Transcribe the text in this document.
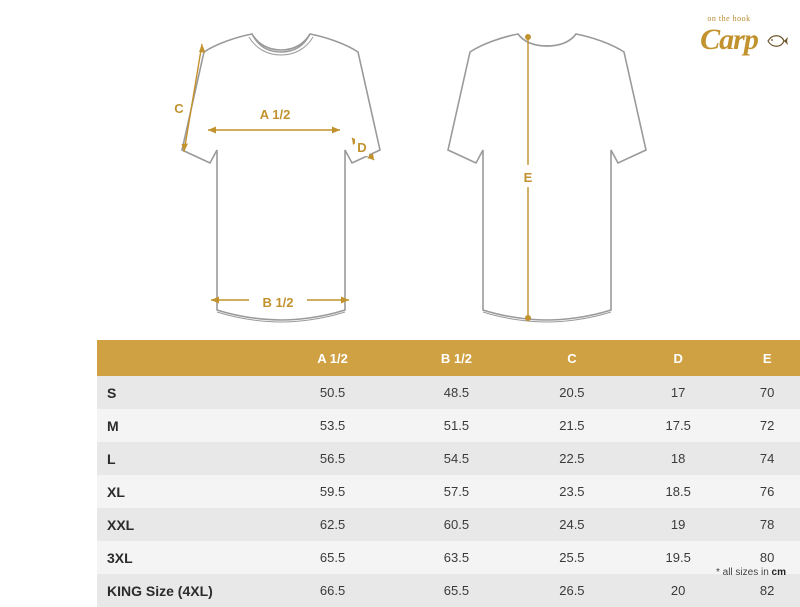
on the hook
Carp
C	A 1/2
D
B 1/2
E
	A 1/2	B 1/2	C	D	E
S	50.5	48.5	20.5	17	70
M	53.5	51.5	21.5	17.5	72
L	56.5	54.5	22.5	18	74
XL	59.5	57.5	23.5	18.5	76
XXL	62.5	60.5	24.5	19	78
3XL	65.5	63.5	25.5	19.5	80
KING Size (4XL)	66.5	65.5	26.5	20	82
* all sizes in cm
